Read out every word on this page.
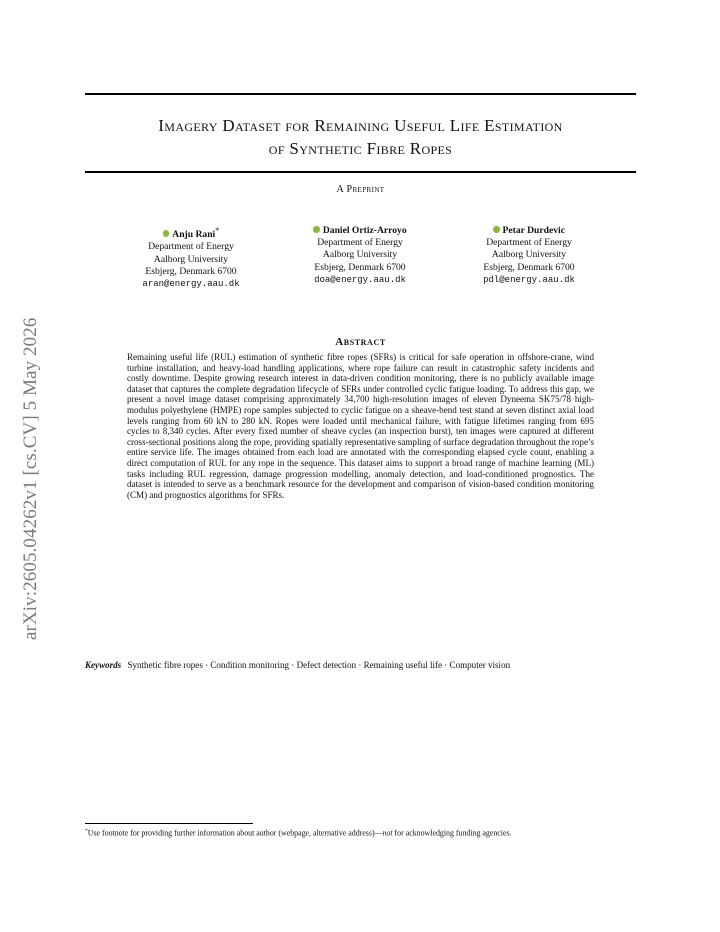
arXiv:2605.04262v1 [cs.CV] 5 May 2026
Imagery Dataset for Remaining Useful Life Estimation
of Synthetic Fibre Ropes
A Preprint
Anju Rani*
Department of Energy
Aalborg University
Esbjerg, Denmark 6700
aran@energy.aau.dk
Daniel Ortiz-Arroyo
Department of Energy
Aalborg University
Esbjerg, Denmark 6700
doa@energy.aau.dk
Petar Durdevic
Department of Energy
Aalborg University
Esbjerg, Denmark 6700
pdl@energy.aau.dk
Abstract
Remaining useful life (RUL) estimation of synthetic fibre ropes (SFRs) is critical for safe operation in offshore-crane, wind turbine installation, and heavy-load handling applications, where rope failure can result in catastrophic safety incidents and costly downtime. Despite growing research interest in data-driven condition monitoring, there is no publicly available image dataset that captures the complete degradation lifecycle of SFRs under controlled cyclic fatigue loading. To address this gap, we present a novel image dataset comprising approximately 34,700 high-resolution images of eleven Dyneema SK75/78 high-modulus polyethylene (HMPE) rope samples subjected to cyclic fatigue on a sheave-bend test stand at seven distinct axial load levels ranging from 60 kN to 280 kN. Ropes were loaded until mechanical failure, with fatigue lifetimes ranging from 695 cycles to 8,340 cycles. After every fixed number of sheave cycles (an inspection burst), ten images were captured at different cross-sectional positions along the rope, providing spatially representative sampling of surface degradation throughout the rope’s entire service life. The images obtained from each load are annotated with the corresponding elapsed cycle count, enabling a direct computation of RUL for any rope in the sequence. This dataset aims to support a broad range of machine learning (ML) tasks including RUL regression, damage progression modelling, anomaly detection, and load-conditioned prognostics. The dataset is intended to serve as a benchmark resource for the development and comparison of vision-based condition monitoring (CM) and prognostics algorithms for SFRs.
Keywords Synthetic fibre ropes · Condition monitoring · Defect detection · Remaining useful life · Computer vision
*Use footnote for providing further information about author (webpage, alternative address)—not for acknowledging funding agencies.
